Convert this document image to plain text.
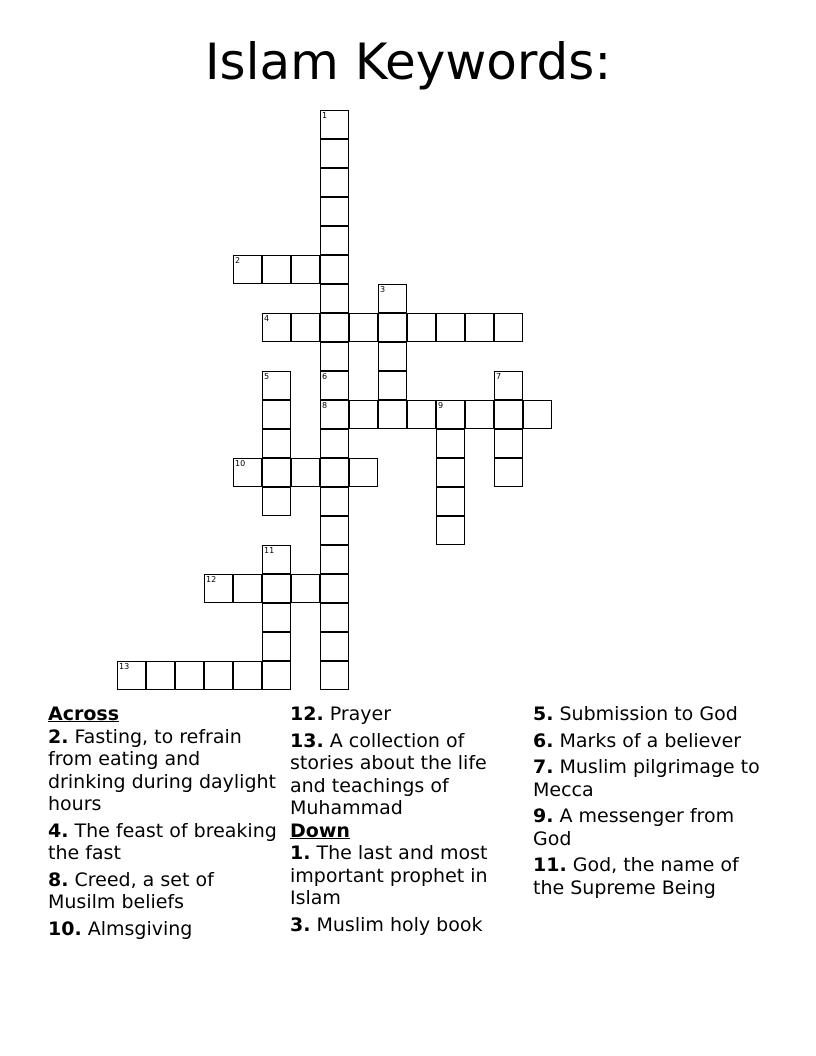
Islam Keywords:
1
2
3
4
5	6
8
7
9
10
11
12
13
Across
2. Fasting, to refrain from eating and drinking during daylight hours
4. The feast of breaking the fast
8. Creed, a set of Musilm beliefs
10. Almsgiving
12. Prayer
13. A collection of stories about the life and teachings of Muhammad
Down
1. The last and most important prophet in Islam
3. Muslim holy book
5. Submission to God
6. Marks of a believer
7. Muslim pilgrimage to Mecca
9. A messenger from God
11. God, the name of the Supreme Being
